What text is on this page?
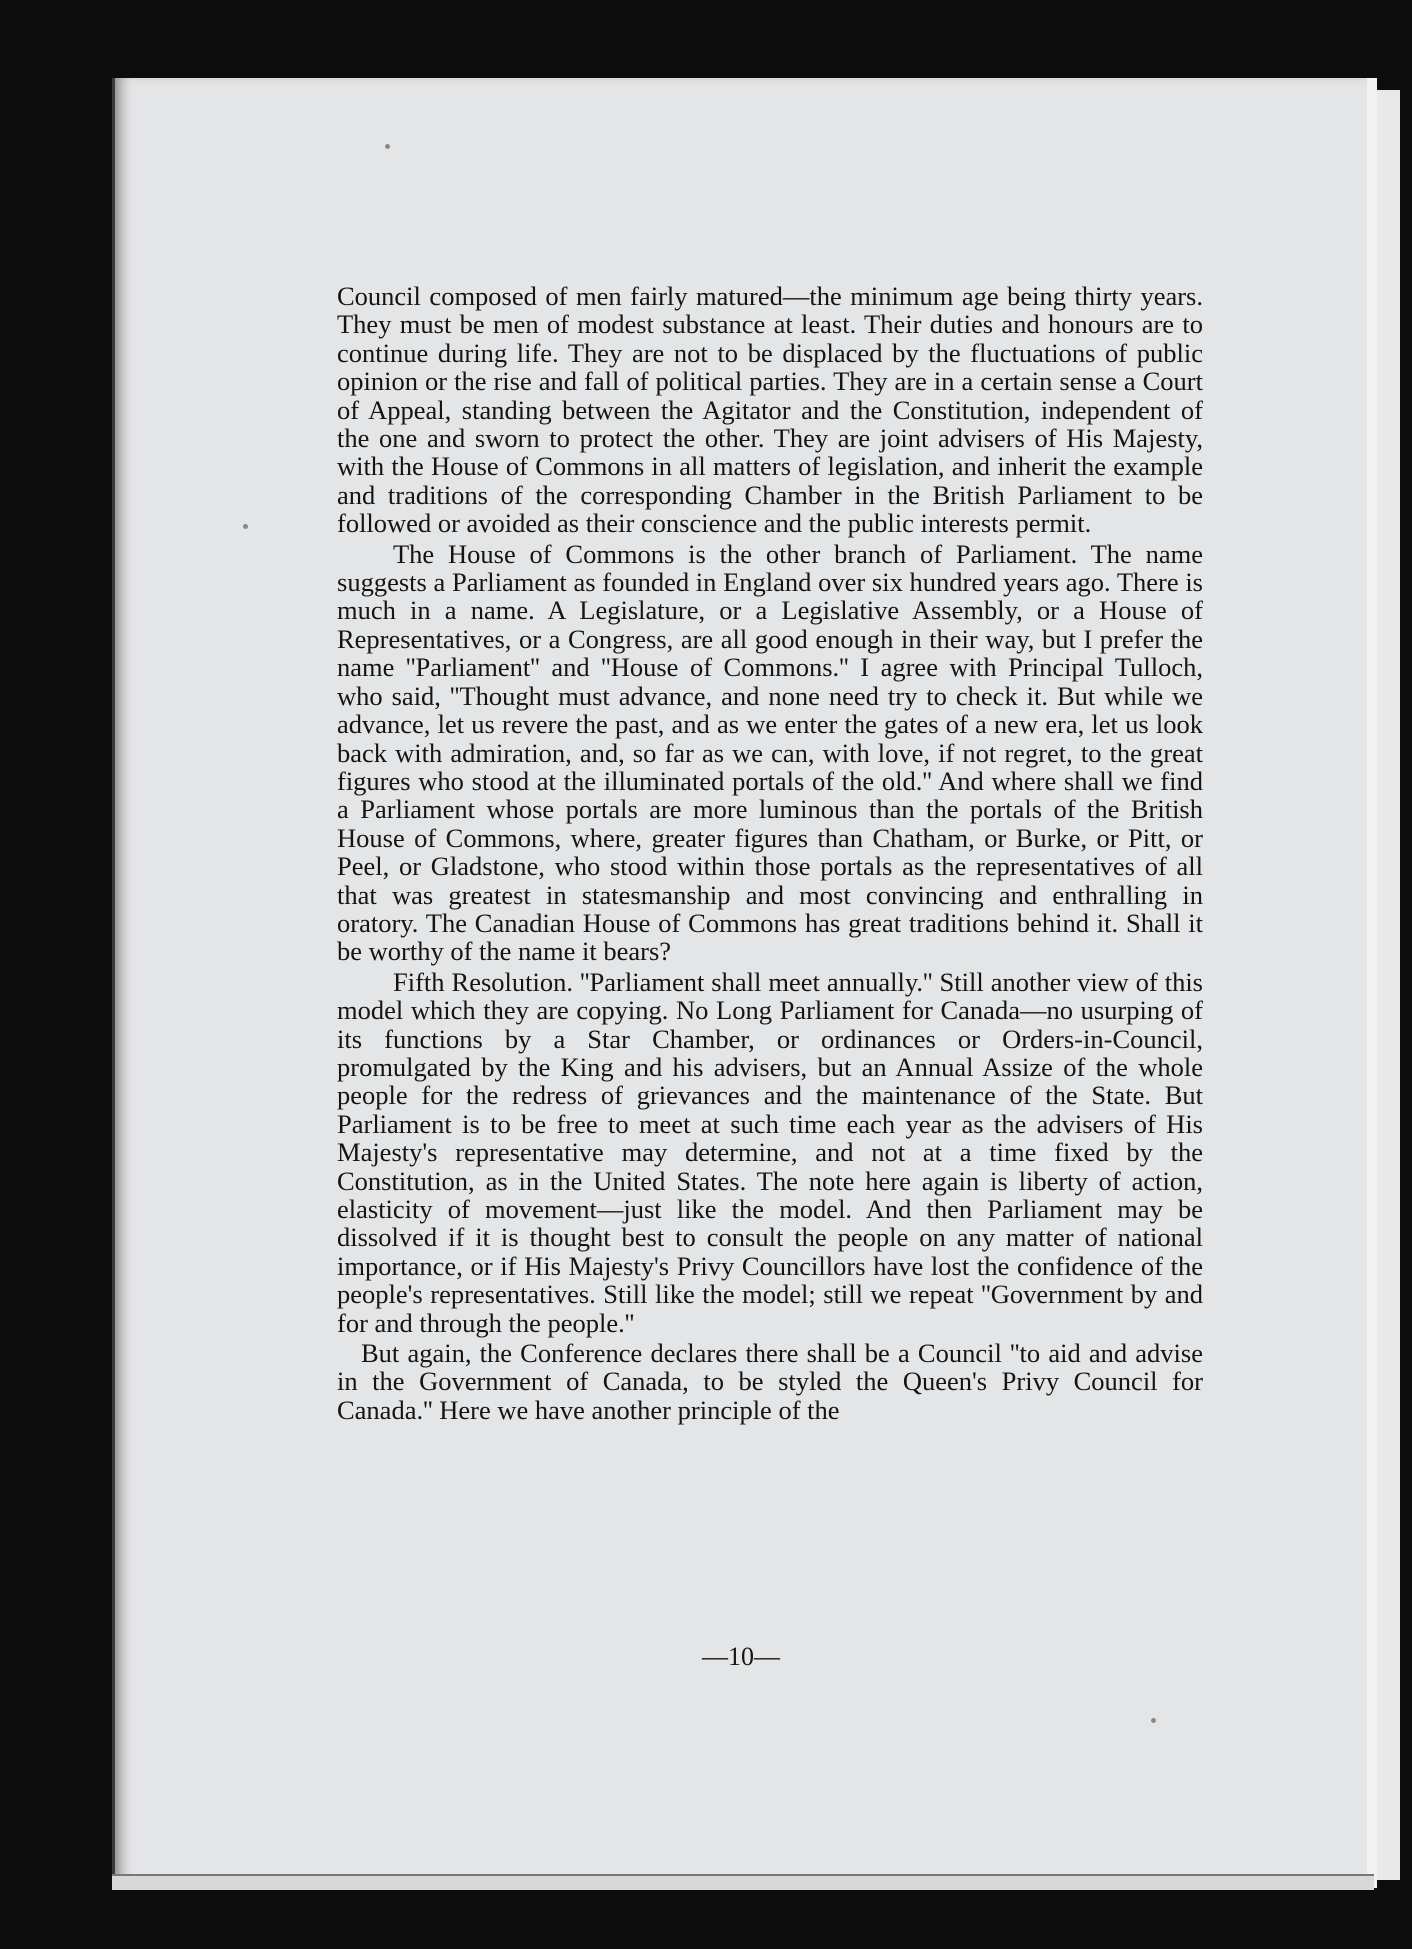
Council composed of men fairly matured—the minimum age being thirty years. They must be men of modest substance at least. Their duties and honours are to continue during life. They are not to be displaced by the fluctuations of public opinion or the rise and fall of political parties. They are in a certain sense a Court of Appeal, standing between the Agitator and the Constitution, independent of the one and sworn to protect the other. They are joint advisers of His Majesty, with the House of Commons in all matters of legislation, and inherit the example and traditions of the corresponding Chamber in the British Parliament to be followed or avoided as their conscience and the public interests permit.

The House of Commons is the other branch of Parliament. The name suggests a Parliament as founded in England over six hundred years ago. There is much in a name. A Legislature, or a Legislative Assembly, or a House of Representatives, or a Congress, are all good enough in their way, but I prefer the name ''Parliament'' and ''House of Commons.'' I agree with Principal Tulloch, who said, ''Thought must advance, and none need try to check it. But while we advance, let us revere the past, and as we enter the gates of a new era, let us look back with admiration, and, so far as we can, with love, if not regret, to the great figures who stood at the illuminated portals of the old.'' And where shall we find a Parliament whose portals are more luminous than the portals of the British House of Commons, where, greater figures than Chatham, or Burke, or Pitt, or Peel, or Gladstone, who stood within those portals as the representatives of all that was greatest in statesmanship and most convincing and enthralling in oratory. The Canadian House of Commons has great traditions behind it. Shall it be worthy of the name it bears?

Fifth Resolution. ''Parliament shall meet annually.'' Still another view of this model which they are copying. No Long Parliament for Canada—no usurping of its functions by a Star Chamber, or ordinances or Orders-in-Council, promulgated by the King and his advisers, but an Annual Assize of the whole people for the redress of grievances and the maintenance of the State. But Parliament is to be free to meet at such time each year as the advisers of His Majesty's representative may determine, and not at a time fixed by the Constitution, as in the United States. The note here again is liberty of action, elasticity of movement—just like the model. And then Parliament may be dissolved if it is thought best to consult the people on any matter of national importance, or if His Majesty's Privy Councillors have lost the confidence of the people's representatives. Still like the model; still we repeat ''Government by and for and through the people.''

But again, the Conference declares there shall be a Council ''to aid and advise in the Government of Canada, to be styled the Queen's Privy Council for Canada.'' Here we have another principle of the

—10—
